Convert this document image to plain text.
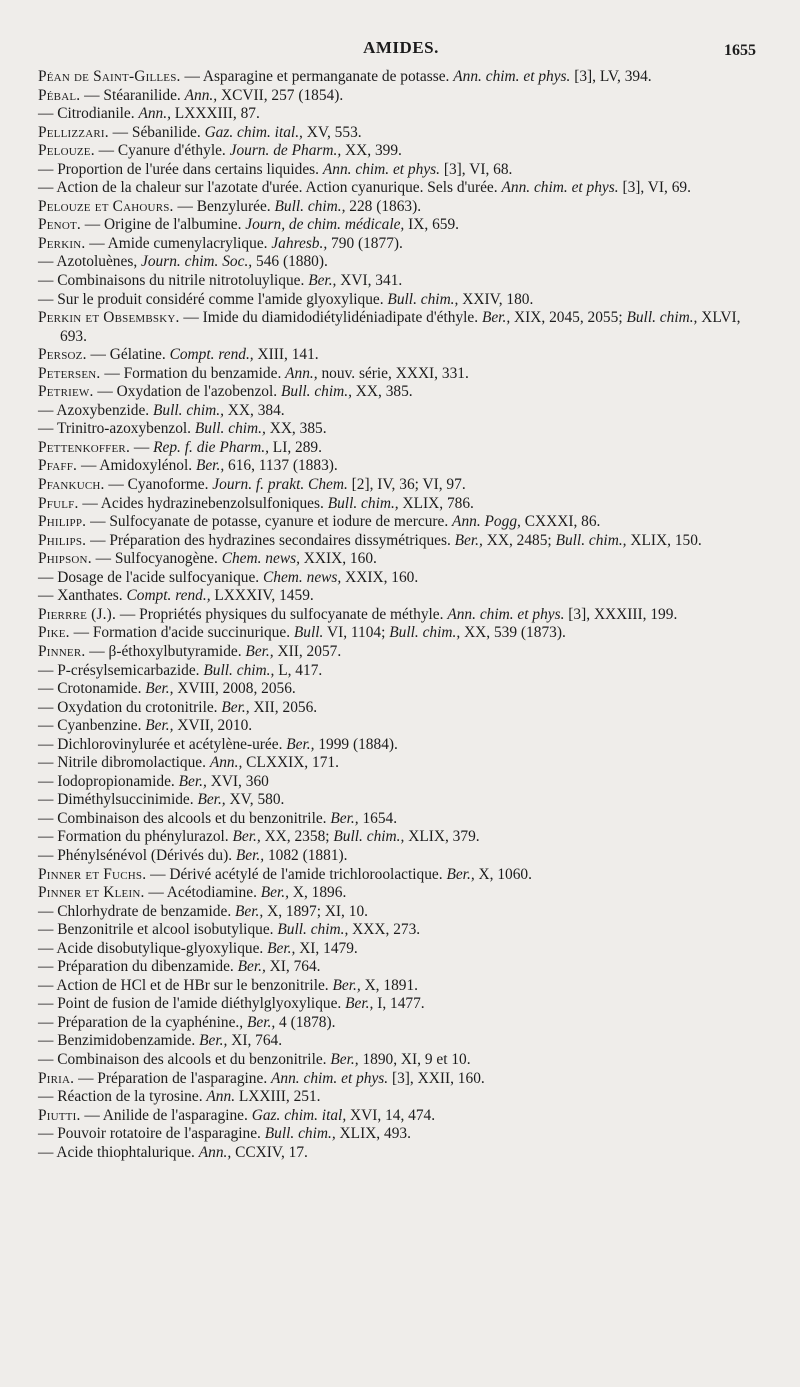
AMIDES.	1655
Péan de Saint-Gilles. — Asparagine et permanganate de potasse. Ann. chim. et phys. [3], LV, 394.
Pébal. — Stéaranilide. Ann., XCVII, 257 (1854).
— Citrodianile. Ann., LXXXIII, 87.
Pellizzari. — Sébanilide. Gaz. chim. ital., XV, 553.
Pelouze. — Cyanure d'éthyle. Journ. de Pharm., XX, 399.
— Proportion de l'urée dans certains liquides. Ann. chim. et phys. [3], VI, 68.
— Action de la chaleur sur l'azotate d'urée. Action cyanurique. Sels d'urée. Ann. chim. et phys. [3], VI, 69.
Pelouze et Cahours. — Benzylurée. Bull. chim., 228 (1863).
Penot. — Origine de l'albumine. Journ, de chim. médicale, IX, 659.
Perkin. — Amide cumenylacrylique. Jahresb., 790 (1877).
— Azotoluènes, Journ. chim. Soc., 546 (1880).
— Combinaisons du nitrile nitrotoluylique. Ber., XVI, 341.
— Sur le produit considéré comme l'amide glyoxylique. Bull. chim., XXIV, 180.
Perkin et Obsembsky. — Imide du diamidodiétylidéniadipate d'éthyle. Ber., XIX, 2045, 2055; Bull. chim., XLVI, 693.
Persoz. — Gélatine. Compt. rend., XIII, 141.
Petersen. — Formation du benzamide. Ann., nouv. série, XXXI, 331.
Petriew. — Oxydation de l'azobenzol. Bull. chim., XX, 385.
— Azoxybenzide. Bull. chim., XX, 384.
— Trinitro-azoxybenzol. Bull. chim., XX, 385.
Pettenkoffer. — Rep. f. die Pharm., LI, 289.
Pfaff. — Amidoxylénol. Ber., 616, 1137 (1883).
Pfankuch. — Cyanoforme. Journ. f. prakt. Chem. [2], IV, 36; VI, 97.
Pfulf. — Acides hydrazinebenzolsulfoniques. Bull. chim., XLIX, 786.
Philipp. — Sulfocyanate de potasse, cyanure et iodure de mercure. Ann. Pogg, CXXXI, 86.
Philips. — Préparation des hydrazines secondaires dissymétriques. Ber., XX, 2485; Bull. chim., XLIX, 150.
Phipson. — Sulfocyanogène. Chem. news, XXIX, 160.
— Dosage de l'acide sulfocyanique. Chem. news, XXIX, 160.
— Xanthates. Compt. rend., LXXXIV, 1459.
Pierrre (J.). — Propriétés physiques du sulfocyanate de méthyle. Ann. chim. et phys. [3], XXXIII, 199.
Pike. — Formation d'acide succinurique. Bull. VI, 1104; Bull. chim., XX, 539 (1873).
Pinner. — β-éthoxylbutyramide. Ber., XII, 2057.
— P-crésylsemicarbazide. Bull. chim., L, 417.
— Crotonamide. Ber., XVIII, 2008, 2056.
— Oxydation du crotonitrile. Ber., XII, 2056.
— Cyanbenzine. Ber., XVII, 2010.
— Dichlorovinylurée et acétylène-urée. Ber., 1999 (1884).
— Nitrile dibromolactique. Ann., CLXXIX, 171.
— Iodopropionamide. Ber., XVI, 360
— Diméthylsuccinimide. Ber., XV, 580.
— Combinaison des alcools et du benzonitrile. Ber., 1654.
— Formation du phénylurazol. Ber., XX, 2358; Bull. chim., XLIX, 379.
— Phénylsénévol (Dérivés du). Ber., 1082 (1881).
Pinner et Fuchs. — Dérivé acétylé de l'amide trichloroolactique. Ber., X, 1060.
Pinner et Klein. — Acétodiamine. Ber., X, 1896.
— Chlorhydrate de benzamide. Ber., X, 1897; XI, 10.
— Benzonitrile et alcool isobutylique. Bull. chim., XXX, 273.
— Acide disobutylique-glyoxylique. Ber., XI, 1479.
— Préparation du dibenzamide. Ber., XI, 764.
— Action de HCl et de HBr sur le benzonitrile. Ber., X, 1891.
— Point de fusion de l'amide diéthylglyoxylique. Ber., I, 1477.
— Préparation de la cyaphénine., Ber., 4 (1878).
— Benzimidobenzamide. Ber., XI, 764.
— Combinaison des alcools et du benzonitrile. Ber., 1890, XI, 9 et 10.
Piria. — Préparation de l'asparagine. Ann. chim. et phys. [3], XXII, 160.
— Réaction de la tyrosine. Ann. LXXIII, 251.
Piutti. — Anilide de l'asparagine. Gaz. chim. ital, XVI, 14, 474.
— Pouvoir rotatoire de l'asparagine. Bull. chim., XLIX, 493.
— Acide thiophtalurique. Ann., CCXIV, 17.
